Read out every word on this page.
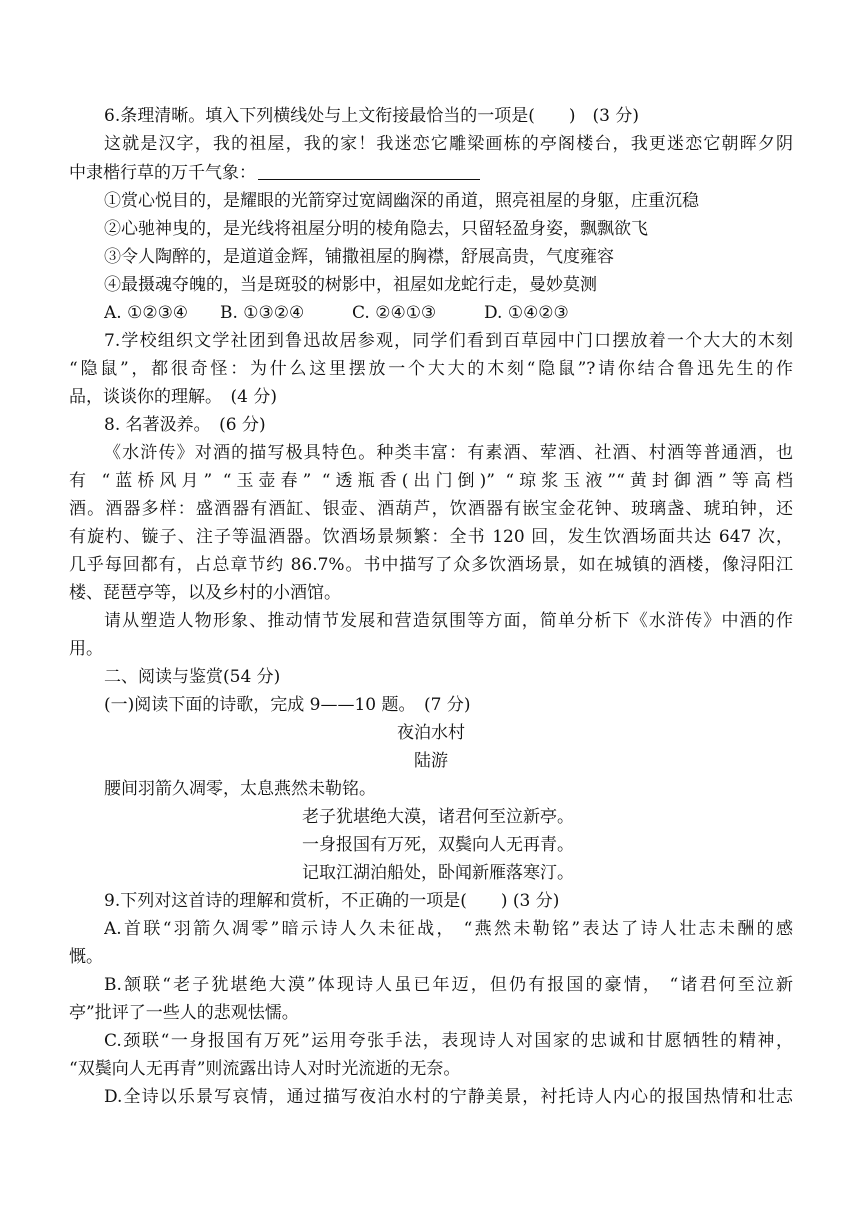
6.条理清晰。填入下列横线处与上文衔接最恰当的一项是(　　)　(3 分)
这就是汉字，我的祖屋，我的家！我迷恋它雕梁画栋的亭阁楼台，我更迷恋它朝晖夕阴
中隶楷行草的万千气象：
①赏心悦目的，是耀眼的光箭穿过宽阔幽深的甬道，照亮祖屋的身躯，庄重沉稳
②心驰神曳的，是光线将祖屋分明的棱角隐去，只留轻盈身姿，飘飘欲飞
③令人陶醉的，是道道金辉，铺撒祖屋的胸襟，舒展高贵，气度雍容
④最摄魂夺魄的，当是斑驳的树影中，祖屋如龙蛇行走，曼妙莫测
A. ①②③④ B. ①③②④	C. ②④①③	D. ①④②③
7.学校组织文学社团到鲁迅故居参观，同学们看到百草园中门口摆放着一个大大的木刻
“隐鼠”，都很奇怪：为什么这里摆放一个大大的木刻“隐鼠”?请你结合鲁迅先生的作
品，谈谈你的理解。　(4 分)
8. 名著汲养。　(6 分)
《水浒传》对酒的描写极具特色。种类丰富：有素酒、荤酒、社酒、村酒等普通酒，也
有 “蓝桥风月” “玉壶春” “透瓶香(出门倒)” “琼浆玉液”“黄封御酒”等高档
酒。酒器多样：盛酒器有酒缸、银壶、酒葫芦，饮酒器有嵌宝金花钟、玻璃盏、琥珀钟，还
有旋杓、镟子、注子等温酒器。饮酒场景频繁：全书 120 回，发生饮酒场面共达 647 次，
几乎每回都有，占总章节约 86.7%。书中描写了众多饮酒场景，如在城镇的酒楼，像浔阳江
楼、琵琶亭等，以及乡村的小酒馆。
请从塑造人物形象、推动情节发展和营造氛围等方面，简单分析下《水浒传》中酒的作
用。
二、阅读与鉴赏(54 分)
(一)阅读下面的诗歌，完成 9——10 题。　(7 分)
夜泊水村
陆游
腰间羽箭久凋零，太息燕然未勒铭。
老子犹堪绝大漠，诸君何至泣新亭。
一身报国有万死，双鬓向人无再青。
记取江湖泊船处，卧闻新雁落寒汀。
9.下列对这首诗的理解和赏析，不正确的一项是(　　) (3 分)
A.首联“羽箭久凋零”暗示诗人久未征战， “燕然未勒铭”表达了诗人壮志未酬的感
慨。
B.颔联“老子犹堪绝大漠”体现诗人虽已年迈，但仍有报国的豪情， “诸君何至泣新
亭”批评了一些人的悲观怯懦。
C.颈联“一身报国有万死”运用夸张手法，表现诗人对国家的忠诚和甘愿牺牲的精神，
“双鬓向人无再青”则流露出诗人对时光流逝的无奈。
D.全诗以乐景写哀情，通过描写夜泊水村的宁静美景，衬托诗人内心的报国热情和壮志
